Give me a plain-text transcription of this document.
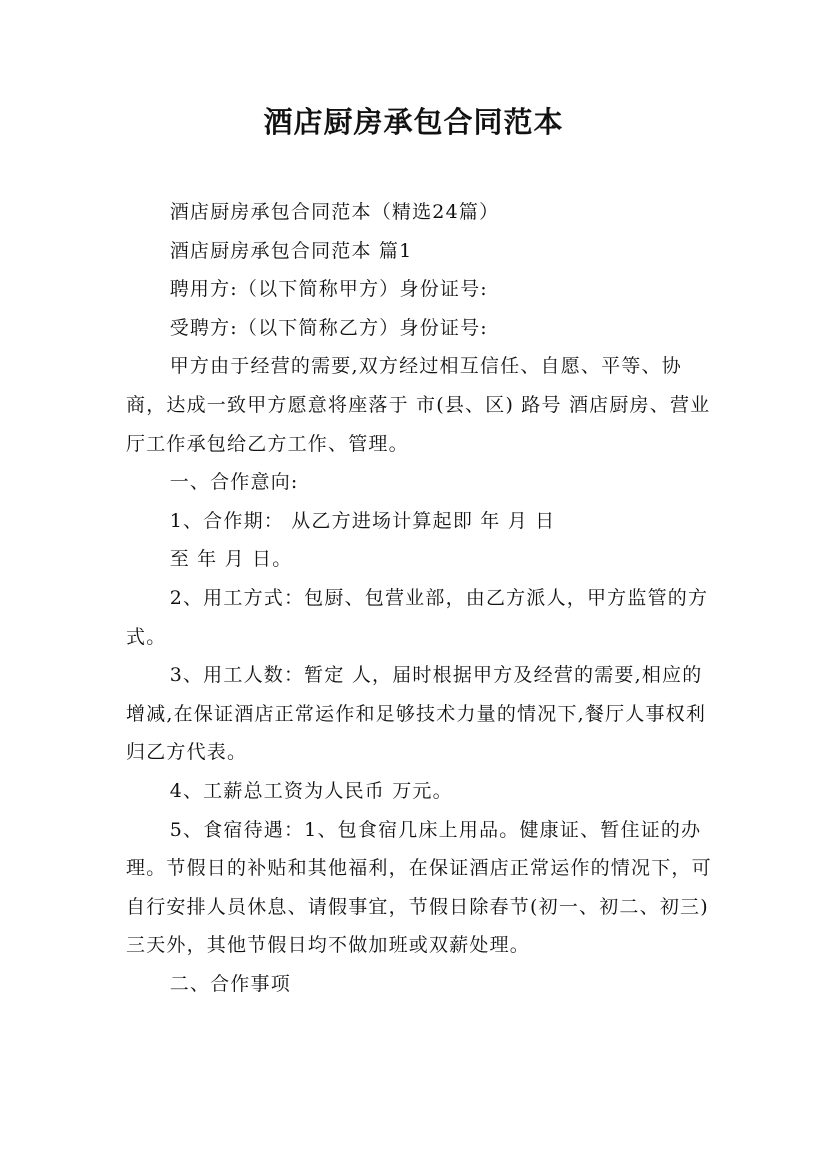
酒店厨房承包合同范本

酒店厨房承包合同范本（精选24篇）

酒店厨房承包合同范本 篇1

聘用方:（以下简称甲方）身份证号:

受聘方:（以下简称乙方）身份证号:

甲方由于经营的需要,双方经过相互信任、自愿、平等、协商，达成一致甲方愿意将座落于 市(县、区) 路号 酒店厨房、营业厅工作承包给乙方工作、管理。

一、合作意向:

1、合作期： 从乙方进场计算起即 年 月 日

至 年 月 日。

2、用工方式：包厨、包营业部，由乙方派人，甲方监管的方式。

3、用工人数：暂定 人，届时根据甲方及经营的需要,相应的增减,在保证酒店正常运作和足够技术力量的情况下,餐厅人事权利归乙方代表。

4、工薪总工资为人民币 万元。

5、食宿待遇：1、包食宿几床上用品。健康证、暂住证的办理。节假日的补贴和其他福利，在保证酒店正常运作的情况下，可自行安排人员休息、请假事宜，节假日除春节(初一、初二、初三)三天外，其他节假日均不做加班或双薪处理。

二、合作事项
